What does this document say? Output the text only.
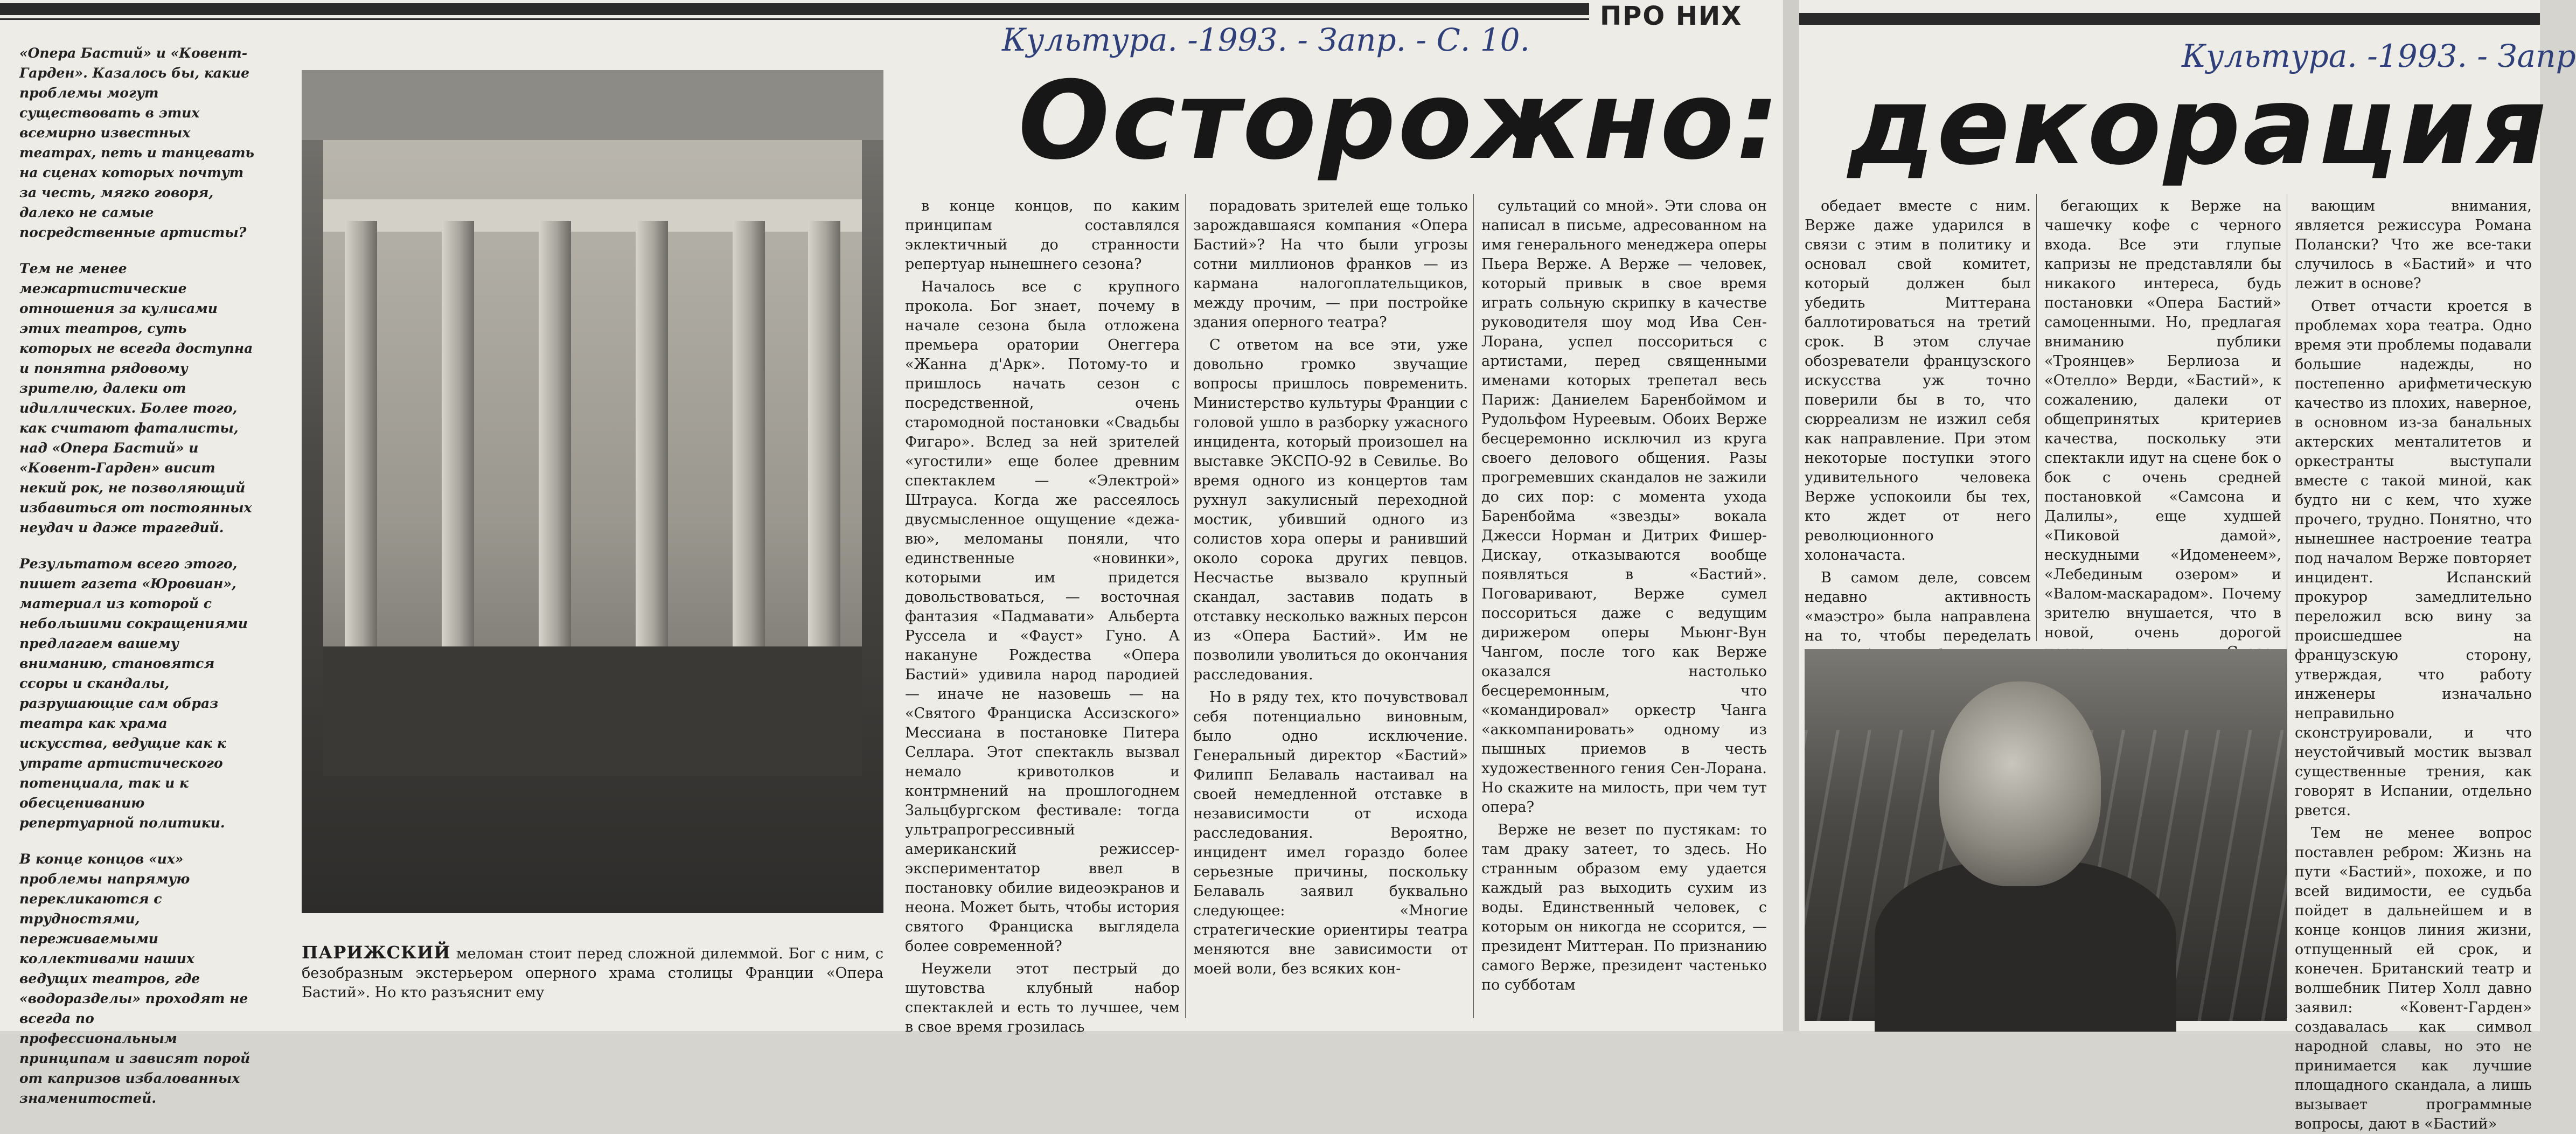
ПРО НИХ
Культура. -1993. - Запр. - С. 10.
Осторожно:

«Опера Бастий» и «Ковент-Гарден». Казалось бы, какие проблемы могут существовать в этих всемирно известных театрах, петь и танцевать на сценах которых почтут за честь, мягко говоря, далеко не самые посредственные артисты?

Тем не менее межартистические отношения за кулисами этих театров, суть которых не всегда доступна и понятна рядовому зрителю, далеки от идиллических. Более того, как считают фаталисты, над «Опера Бастий» и «Ковент-Гарден» висит некий рок, не позволяющий избавиться от постоянных неудач и даже трагедий.

Результатом всего этого, пишет газета «Юровиан», материал из которой с небольшими сокращениями предлагаем вашему вниманию, становятся ссоры и скандалы, разрушающие сам образ театра как храма искусства, ведущие как к утрате артистического потенциала, так и к обесцениванию репертуарной политики.

В конце концов «их» проблемы напрямую перекликаются с трудностями, переживаемыми коллективами наших ведущих театров, где «водоразделы» проходят не всегда по профессиональным принципам и зависят порой от капризов избалованных знаменитостей.

ПАРИЖСКИЙ меломан стоит перед сложной дилеммой. Бог с ним, с безобразным экстерьером оперного храма столицы Франции «Опера Бастий». Но кто разъяснит ему

в конце концов, по каким принципам составлялся эклектичный до странности репертуар нынешнего сезона?

Началось все с крупного прокола. Бог знает, почему в начале сезона была отложена премьера оратории Онеггера «Жанна д'Арк». Потому-то и пришлось начать сезон с посредственной, очень старомодной постановки «Свадьбы Фигаро». Вслед за ней зрителей «угостили» еще более древним спектаклем — «Электрой» Штрауса. Когда же рассеялось двусмысленное ощущение «дежа-вю», меломаны поняли, что единственные «новинки», которыми им придется довольствоваться, — восточная фантазия «Падмавати» Альберта Руссела и «Фауст» Гуно. А накануне Рождества «Опера Бастий» удивила народ пародией — иначе не назовешь — на «Святого Франциска Ассизского» Мессиана в постановке Питера Селлара. Этот спектакль вызвал немало кривотолков и контрмнений на прошлогоднем Зальцбургском фестивале: тогда ультрапрогрессивный американский режиссер-экспериментатор ввел в постановку обилие видеоэкранов и неона. Может быть, чтобы история святого Франциска выглядела более современной?

Неужели этот пестрый до шутовства клубный набор спектаклей и есть то лучшее, чем в свое время грозилась

порадовать зрителей еще только зарождавшаяся компания «Опера Бастий»? На что были угрозы сотни миллионов франков — из кармана налогоплательщиков, между прочим, — при постройке здания оперного театра?

С ответом на все эти, уже довольно громко звучащие вопросы пришлось повременить. Министерство культуры Франции с головой ушло в разборку ужасного инцидента, который произошел на выставке ЭКСПО-92 в Севилье. Во время одного из концертов там рухнул закулисный переходной мостик, убивший одного из солистов хора оперы и ранивший около сорока других певцов. Несчастье вызвало крупный скандал, заставив подать в отставку несколько важных персон из «Опера Бастий». Им не позволили уволиться до окончания расследования.

Но в ряду тех, кто почувствовал себя потенциально виновным, было одно исключение. Генеральный директор «Бастий» Филипп Белаваль настаивал на своей немедленной отставке в независимости от исхода расследования. Вероятно, инцидент имел гораздо более серьезные причины, поскольку Белаваль заявил буквально следующее: «Многие стратегические ориентиры театра меняются вне зависимости от моей воли, без всяких кон-

сультаций со мной». Эти слова он написал в письме, адресованном на имя генерального менеджера оперы Пьера Верже. А Верже — человек, который привык в свое время играть сольную скрипку в качестве руководителя шоу мод Ива Сен-Лорана, успел поссориться с артистами, перед священными именами которых трепетал весь Париж: Даниелем Баренбоймом и Рудольфом Нуреевым. Обоих Верже бесцеремонно исключил из круга своего делового общения. Разы прогремевших скандалов не зажили до сих пор: с момента ухода Баренбойма «звезды» вокала Джесси Норман и Дитрих Фишер-Дискау, отказываются вообще появляться в «Бастий». Поговаривают, Верже сумел поссориться даже с ведущим дирижером оперы Мьюнг-Вун Чангом, после того как Верже оказался настолько бесцеремонным, что «командировал» оркестр Чанга «аккомпанировать» одному из пышных приемов в честь художественного гения Сен-Лорана. Но скажите на милость, при чем тут опера?

Верже не везет по пустякам: то там драку затеет, то здесь. Но странным образом ему удается каждый раз выходить сухим из воды. Единственный человек, с которым он никогда не ссорится, — президент Миттеран. По признанию самого Верже, президент частенько по субботам

Культура. -1993. - Запр
декорация

обедает вместе с ним. Верже даже ударился в связи с этим в политику и основал свой комитет, который должен был убедить Миттерана баллотироваться на третий срок. В этом случае обозреватели французского искусства уж точно поверили бы в то, что сюрреализм не изжил себя как направление. При этом некоторые поступки этого удивительного человека Верже успокоили бы тех, кто ждет от него революционного холоначаста.

В самом деле, совсем недавно активность «маэстро» была направлена на то, чтобы переделать

бегающих к Верже на чашечку кофе с черного входа. Все эти глупые капризы не представляли бы никакого интереса, будь постановки «Опера Бастий» самоценными. Но, предлагая вниманию публики «Троянцев» Берлиоза и «Отелло» Верди, «Бастий», к сожалению, далеки от общепринятых критериев качества, поскольку эти спектакли идут на сцене бок о бок с очень средней постановкой «Самсона и Далилы», еще худшей «Пиковой дамой», нескудными «Идоменеем», «Лебединым озером» и «Валом-маскарадом». Почему зрителю внушается, что в новой, очень дорогой

вающим внимания, является режиссура Романа Полански? Что же все-таки случилось в «Бастий» и что лежит в основе?

Ответ отчасти кроется в проблемах хора театра. Одно время эти проблемы подавали большие надежды, но постепенно арифметическую качество из плохих, наверное, в основном из-за банальных актерских менталитетов и оркестранты выступали вместе с такой миной, как будто ни с кем, что хуже прочего, трудно. Понятно, что нынешнее настроение театра под началом Верже повторяет инцидент. Испанский прокурор замедлительно переложил всю вину за происшедшее на французскую сторону, утверждая, что работу инженеры изначально неправильно сконструировали, и что неустойчивый мостик вызвал существенные трения, как говорят в Испании, отдельно рвется.

Тем не менее вопрос поставлен ребром: Жизнь на пути «Бастий», похоже, и по всей видимости, ее судьба пойдет в дальнейшем и в конце концов линия жизни, отпущенный ей срок, и конечен. Британский театр и волшебник Питер Холл давно заявил: «Ковент-Гарден» создавалась как символ народной славы, но это не принимается как лучшие площадного скандала, а лишь вызывает программные вопросы, дают в «Бастий»
